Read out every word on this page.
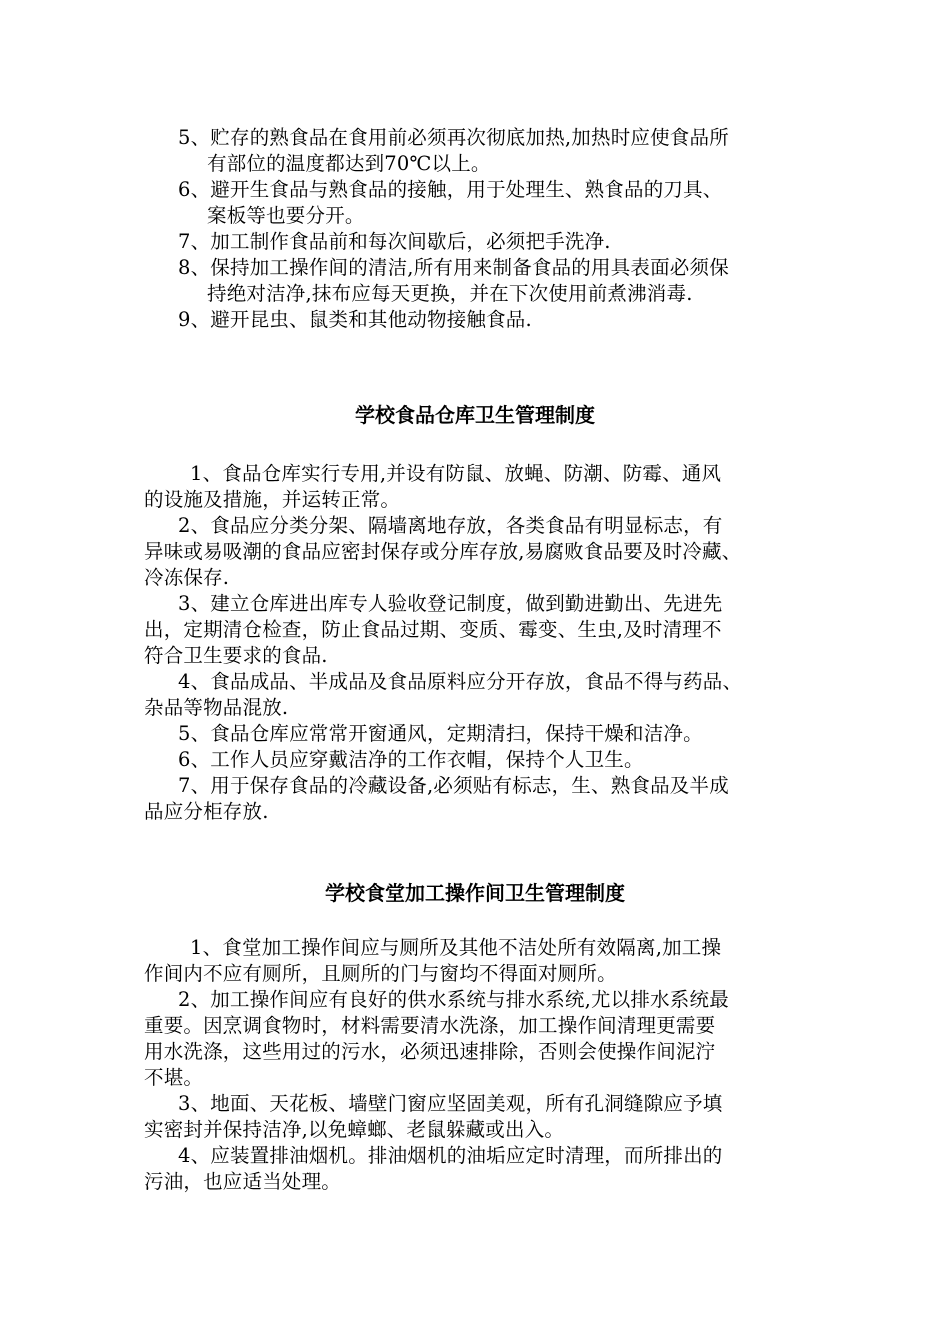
5、贮存的熟食品在食用前必须再次彻底加热,加热时应使食品所

有部位的温度都达到70℃以上。

6、避开生食品与熟食品的接触，用于处理生、熟食品的刀具、

案板等也要分开。

7、加工制作食品前和每次间歇后，必须把手洗净.

8、保持加工操作间的清洁,所有用来制备食品的用具表面必须保

持绝对洁净,抹布应每天更换，并在下次使用前煮沸消毒.

9、避开昆虫、鼠类和其他动物接触食品.

学校食品仓库卫生管理制度

1、食品仓库实行专用,并设有防鼠、放蝇、防潮、防霉、通风

的设施及措施，并运转正常。

2、食品应分类分架、隔墙离地存放，各类食品有明显标志，有

异味或易吸潮的食品应密封保存或分库存放,易腐败食品要及时冷藏、

冷冻保存.

3、建立仓库进出库专人验收登记制度，做到勤进勤出、先进先

出，定期清仓检查，防止食品过期、变质、霉变、生虫,及时清理不

符合卫生要求的食品.

4、食品成品、半成品及食品原料应分开存放，食品不得与药品、

杂品等物品混放.

5、食品仓库应常常开窗通风，定期清扫，保持干燥和洁净。

6、工作人员应穿戴洁净的工作衣帽，保持个人卫生。

7、用于保存食品的冷藏设备,必须贴有标志，生、熟食品及半成

品应分柜存放.

学校食堂加工操作间卫生管理制度

1、食堂加工操作间应与厕所及其他不洁处所有效隔离,加工操

作间内不应有厕所，且厕所的门与窗均不得面对厕所。

2、加工操作间应有良好的供水系统与排水系统,尤以排水系统最

重要。因烹调食物时，材料需要清水洗涤，加工操作间清理更需要

用水洗涤，这些用过的污水，必须迅速排除，否则会使操作间泥泞

不堪。

3、地面、天花板、墙壁门窗应坚固美观，所有孔洞缝隙应予填

实密封并保持洁净,以免蟑螂、老鼠躲藏或出入。

4、应装置排油烟机。排油烟机的油垢应定时清理，而所排出的

污油，也应适当处理。
